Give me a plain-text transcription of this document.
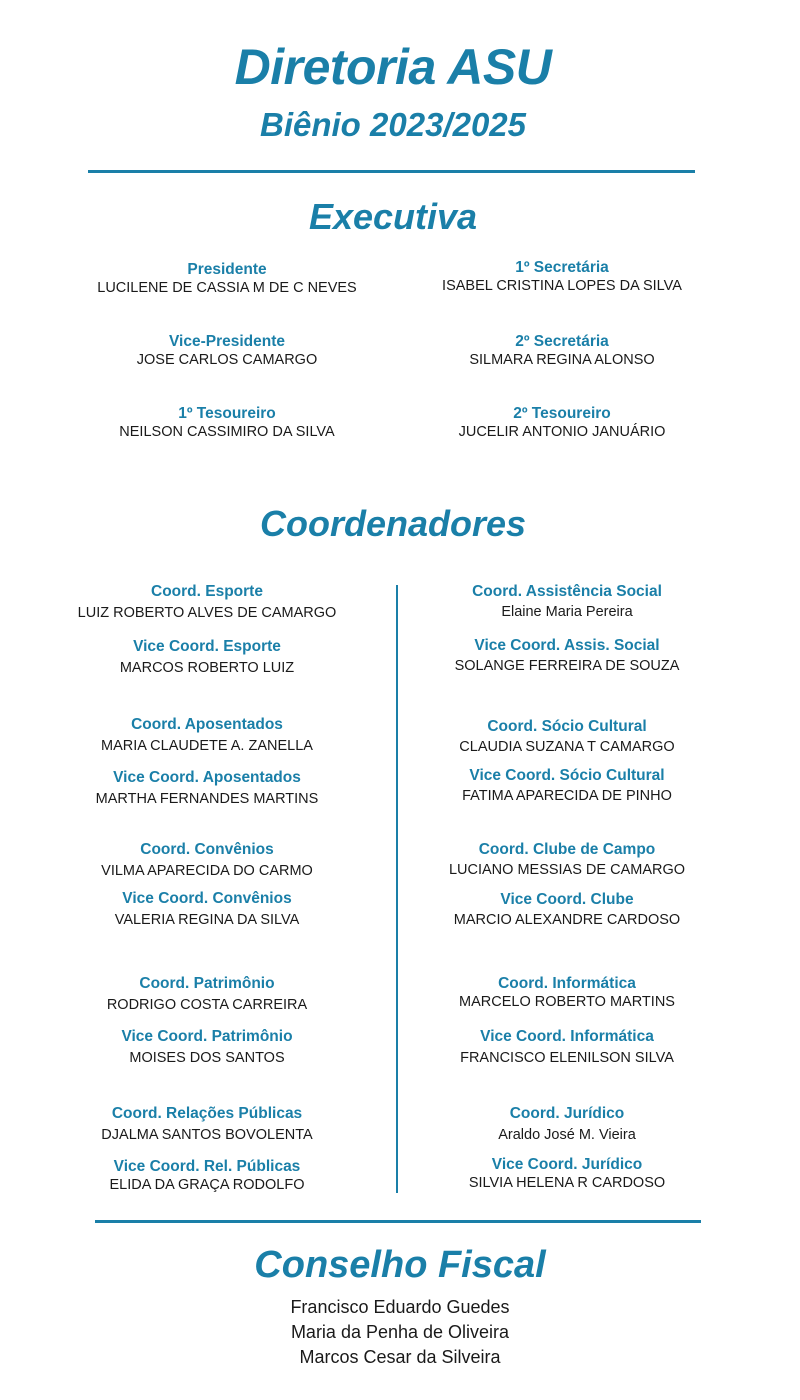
Diretoria ASU
Biênio 2023/2025
Executiva
Presidente
LUCILENE DE CASSIA M DE C NEVES
Vice-Presidente
JOSE CARLOS CAMARGO
1º Tesoureiro
NEILSON CASSIMIRO DA SILVA
1º Secretária
ISABEL CRISTINA LOPES DA SILVA
2º Secretária
SILMARA REGINA ALONSO
2º Tesoureiro
JUCELIR ANTONIO JANUÁRIO
Coordenadores
Coord. Esporte
LUIZ ROBERTO ALVES DE CAMARGO
Vice Coord. Esporte
MARCOS ROBERTO LUIZ
Coord. Aposentados
MARIA CLAUDETE A. ZANELLA
Vice Coord. Aposentados
MARTHA FERNANDES MARTINS
Coord. Convênios
VILMA APARECIDA DO CARMO
Vice Coord. Convênios
VALERIA REGINA DA SILVA
Coord. Patrimônio
RODRIGO COSTA CARREIRA
Vice Coord. Patrimônio
MOISES DOS SANTOS
Coord. Relações Públicas
DJALMA SANTOS BOVOLENTA
Vice Coord. Rel. Públicas
ELIDA DA GRAÇA RODOLFO
Coord. Assistência Social
Elaine Maria Pereira
Vice Coord. Assis. Social
SOLANGE FERREIRA DE SOUZA
Coord. Sócio Cultural
CLAUDIA SUZANA T CAMARGO
Vice Coord. Sócio Cultural
FATIMA APARECIDA DE PINHO
Coord. Clube de Campo
LUCIANO MESSIAS DE CAMARGO
Vice Coord. Clube
MARCIO ALEXANDRE CARDOSO
Coord. Informática
MARCELO ROBERTO MARTINS
Vice Coord. Informática
FRANCISCO ELENILSON SILVA
Coord. Jurídico
Araldo José M. Vieira
Vice Coord. Jurídico
SILVIA HELENA R CARDOSO
Conselho Fiscal
Francisco Eduardo Guedes
Maria da Penha de Oliveira
Marcos Cesar da Silveira
